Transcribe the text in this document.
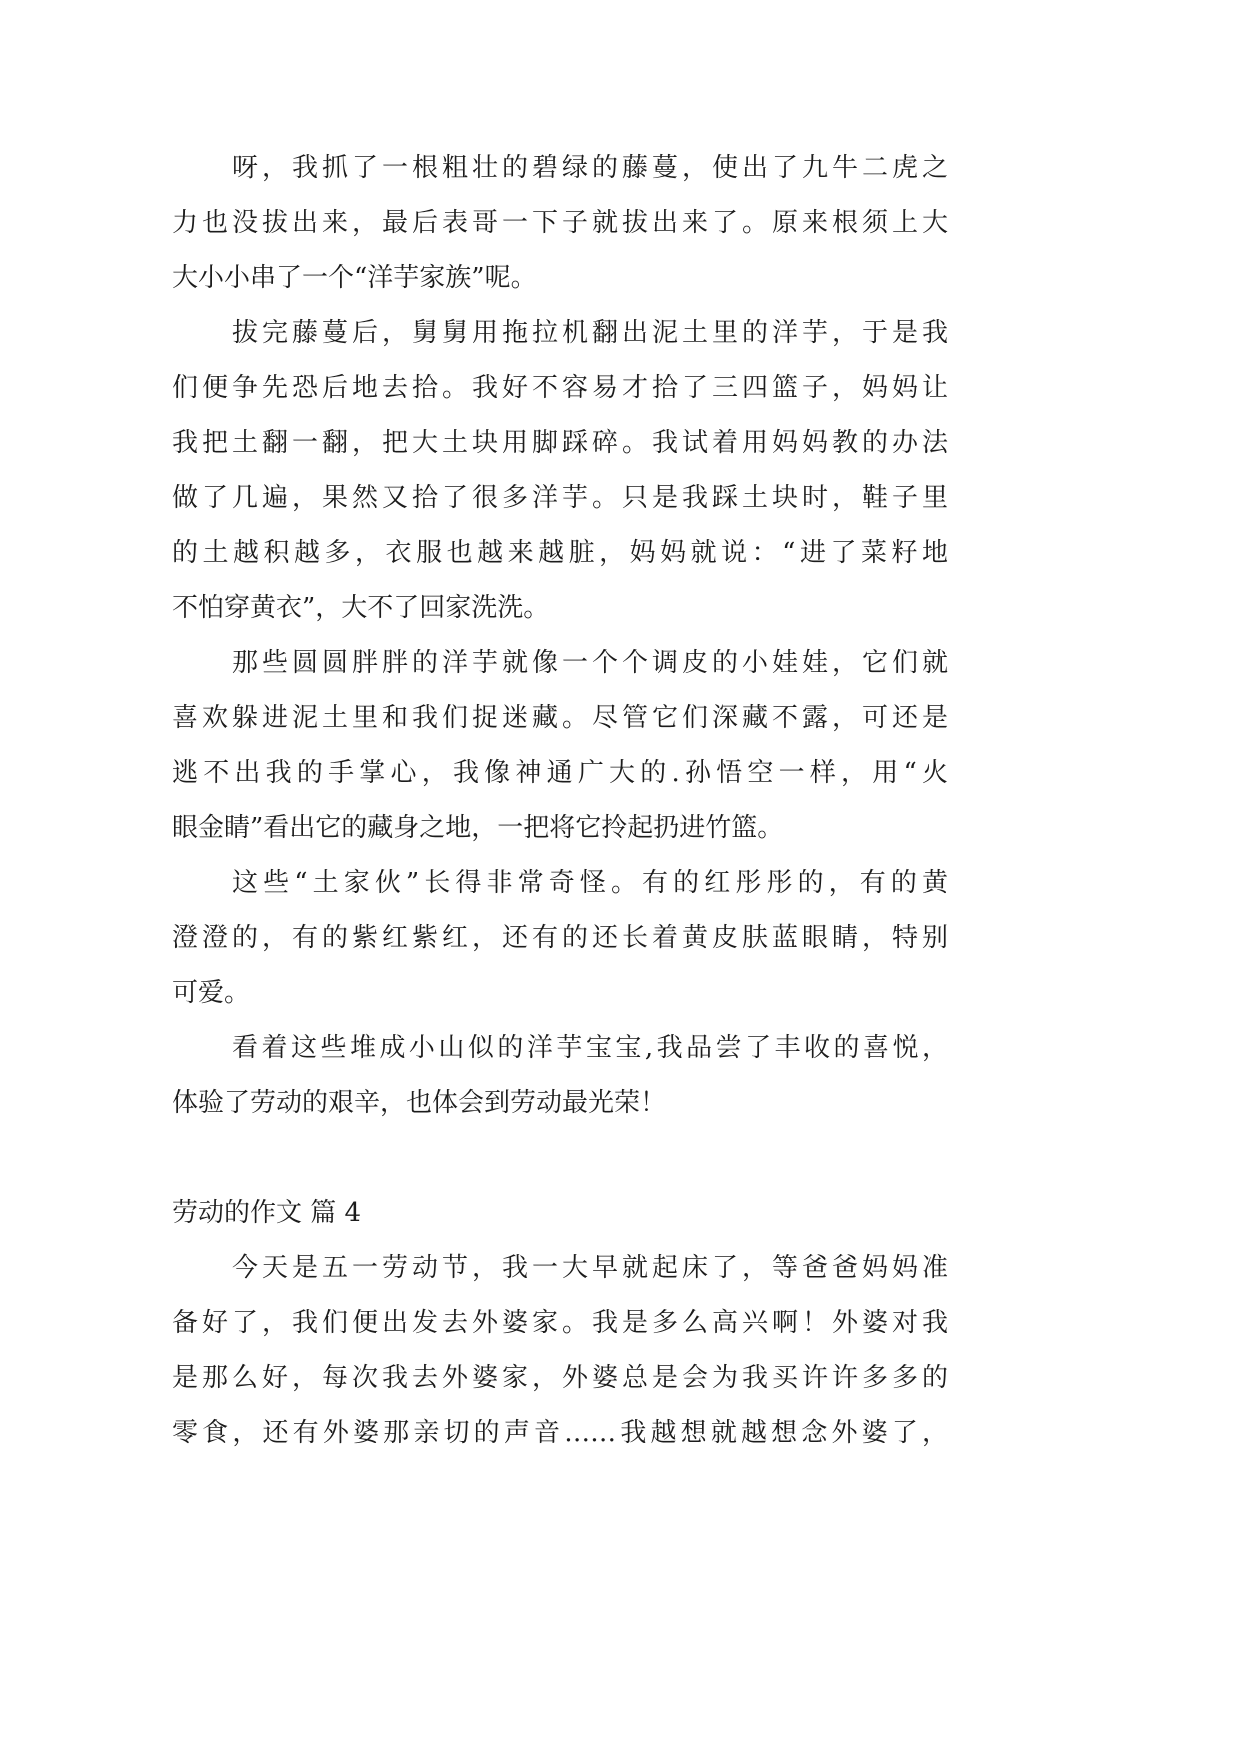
呀，我抓了一根粗壮的碧绿的藤蔓，使出了九牛二虎之
力也没拔出来，最后表哥一下子就拔出来了。原来根须上大
大小小串了一个“洋芋家族”呢。
拔完藤蔓后，舅舅用拖拉机翻出泥土里的洋芋，于是我
们便争先恐后地去拾。我好不容易才拾了三四篮子，妈妈让
我把土翻一翻，把大土块用脚踩碎。我试着用妈妈教的办法
做了几遍，果然又拾了很多洋芋。只是我踩土块时，鞋子里
的土越积越多，衣服也越来越脏，妈妈就说：“进了菜籽地
不怕穿黄衣”，大不了回家洗洗。
那些圆圆胖胖的洋芋就像一个个调皮的小娃娃，它们就
喜欢躲进泥土里和我们捉迷藏。尽管它们深藏不露，可还是
逃不出我的手掌心，我像神通广大的.孙悟空一样，用“火
眼金睛”看出它的藏身之地，一把将它拎起扔进竹篮。
这些“土家伙”长得非常奇怪。有的红彤彤的，有的黄
澄澄的，有的紫红紫红，还有的还长着黄皮肤蓝眼睛，特别
可爱。
看着这些堆成小山似的洋芋宝宝,我品尝了丰收的喜悦，
体验了劳动的艰辛，也体会到劳动最光荣！
劳动的作文 篇 4
今天是五一劳动节，我一大早就起床了，等爸爸妈妈准
备好了，我们便出发去外婆家。我是多么高兴啊！外婆对我
是那么好，每次我去外婆家，外婆总是会为我买许许多多的
零食，还有外婆那亲切的声音……我越想就越想念外婆了，
